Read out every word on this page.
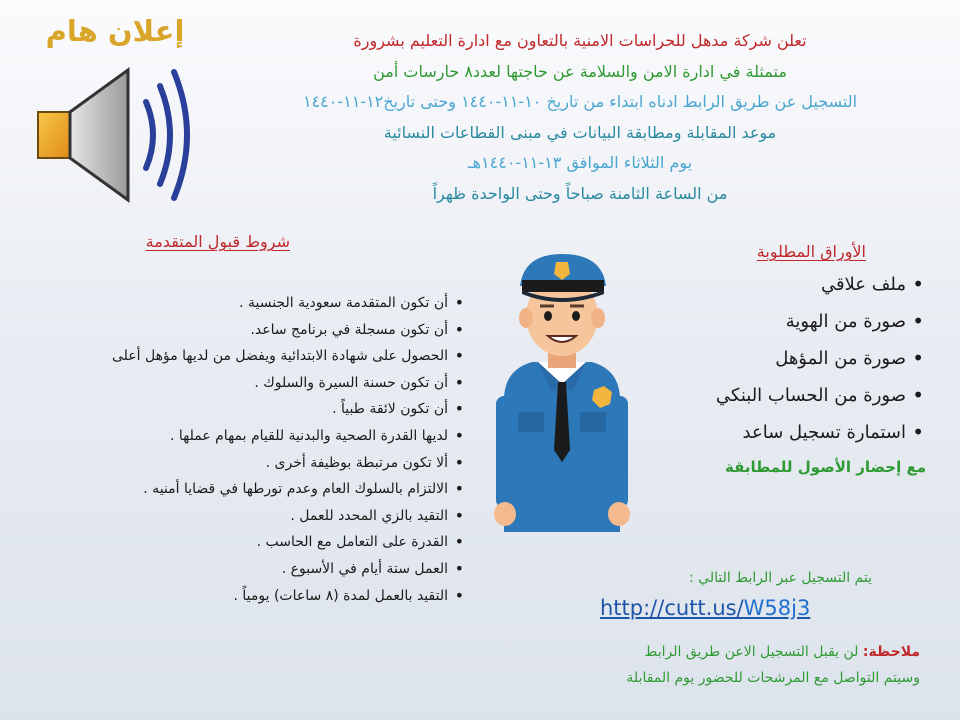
إعلان هام	تعلن شركة مدهل للحراسات الامنية بالتعاون مع ادارة التعليم بشرورة
متمثلة في ادارة الامن والسلامة عن حاجتها لعدد٨ حارسات أمن
التسجيل عن طريق الرابط ادناه ابتداء من تاريخ ١٠-١١-١٤٤٠ وحتى تاريخ١٢-١١-١٤٤٠
موعد المقابلة ومطابقة البيانات في مبنى القطاعات النسائية
يوم الثلاثاء الموافق ١٣-١١-١٤٤٠هـ
من الساعة الثامنة صباحاً وحتى الواحدة ظهراً
شروط قبول المتقدمة
• أن تكون المتقدمة سعودية الجنسية .
• أن تكون مسجلة في برنامج ساعد.
• الحصول على شهادة الابتدائية ويفضل من لديها مؤهل أعلى
• أن تكون حسنة السيرة والسلوك .
• أن تكون لائقة طبياً .
• لديها القدرة الصحية والبدنية للقيام بمهام عملها .
• ألا تكون مرتبطة بوظيفة أخرى .
• الالتزام بالسلوك العام وعدم تورطها في قضايا أمنيه .
• التقيد بالزي المحدد للعمل .
• القدرة على التعامل مع الحاسب .
• العمل ستة أيام في الأسبوع .
• التقيد بالعمل لمدة (٨ ساعات) يومياً .
الأوراق المطلوبة
• ملف علاقي
• صورة من الهوية
• صورة من المؤهل
• صورة من الحساب البنكي
• استمارة تسجيل ساعد
مع إحضار الأصول للمطابقة
يتم التسجيل عبر الرابط التالي :
http://cutt.us/W58j3
ملاحظة: لن يقبل التسجيل الاعن طريق الرابط
وسيتم التواصل مع المرشحات للحضور يوم المقابلة
